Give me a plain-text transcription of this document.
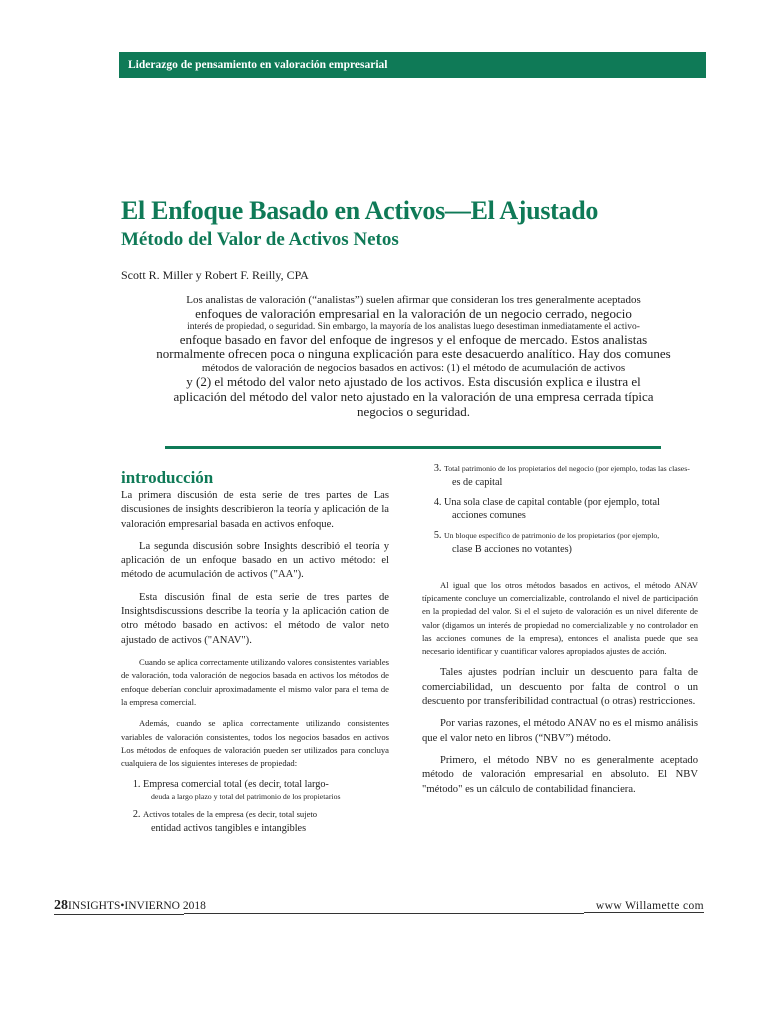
Liderazgo de pensamiento en valoración empresarial
El Enfoque Basado en Activos—El Ajustado
Método del Valor de Activos Netos
Scott R. Miller y Robert F. Reilly, CPA
Los analistas de valoración (“analistas”) suelen afirmar que consideran los tres generalmente aceptados
enfoques de valoración empresarial en la valoración de un negocio cerrado, negocio
interés de propiedad, o seguridad. Sin embargo, la mayoría de los analistas luego desestiman inmediatamente el activo-
enfoque basado en favor del enfoque de ingresos y el enfoque de mercado. Estos analistas
normalmente ofrecen poca o ninguna explicación para este desacuerdo analítico. Hay dos comunes
métodos de valoración de negocios basados en activos: (1) el método de acumulación de activos
y (2) el método del valor neto ajustado de los activos. Esta discusión explica e ilustra el
aplicación del método del valor neto ajustado en la valoración de una empresa cerrada típica
negocios o seguridad.
introducción

La primera discusión de esta serie de tres partes de Las discusiones de insights describieron la teoría y aplicación de la valoración empresarial basada en activos enfoque.

La segunda discusión sobre Insights describió el teoría y aplicación de un enfoque basado en un activo método: el método de acumulación de activos ("AA").

Esta discusión final de esta serie de tres partes de Insightsdiscussions describe la teoría y la aplicación cation de otro método basado en activos: el método de valor neto ajustado de activos ("ANAV").

Cuando se aplica correctamente utilizando valores consistentes variables de valoración, toda valoración de negocios basada en activos los métodos de enfoque deberían concluir aproximadamente el mismo valor para el tema de la empresa comercial.

Además, cuando se aplica correctamente utilizando consistentes variables de valoración consistentes, todos los negocios basados en activos Los métodos de enfoques de valoración pueden ser utilizados para concluya cualquiera de los siguientes intereses de propiedad:

1. Empresa comercial total (es decir, total largo-
deuda a largo plazo y total del patrimonio de los propietarios
2. Activos totales de la empresa (es decir, total sujeto
entidad activos tangibles e intangibles
3. Total patrimonio de los propietarios del negocio (por ejemplo, todas las clases-
es de capital
4. Una sola clase de capital contable (por ejemplo, total
acciones comunes
5. Un bloque específico de patrimonio de los propietarios (por ejemplo,
clase B acciones no votantes)

Al igual que los otros métodos basados en activos, el método ANAV típicamente concluye un comercializable, controlando el nivel de participación en la propiedad del valor. Si el el sujeto de valoración es un nivel diferente de valor (digamos un interés de propiedad no comercializable y no controlador en las acciones comunes de la empresa), entonces el analista puede que sea necesario identificar y cuantificar valores apropiados ajustes de acción.

Tales ajustes podrían incluir un descuento para falta de comerciabilidad, un descuento por falta de control o un descuento por transferibilidad contractual (o otras) restricciones.

Por varias razones, el método ANAV no es el mismo análisis que el valor neto en libros (“NBV”) método.

Primero, el método NBV no es generalmente aceptado método de valoración empresarial en absoluto. El NBV "método" es un cálculo de contabilidad financiera.

28INSIGHTS•INVIERNO 2018	www Willamette com
